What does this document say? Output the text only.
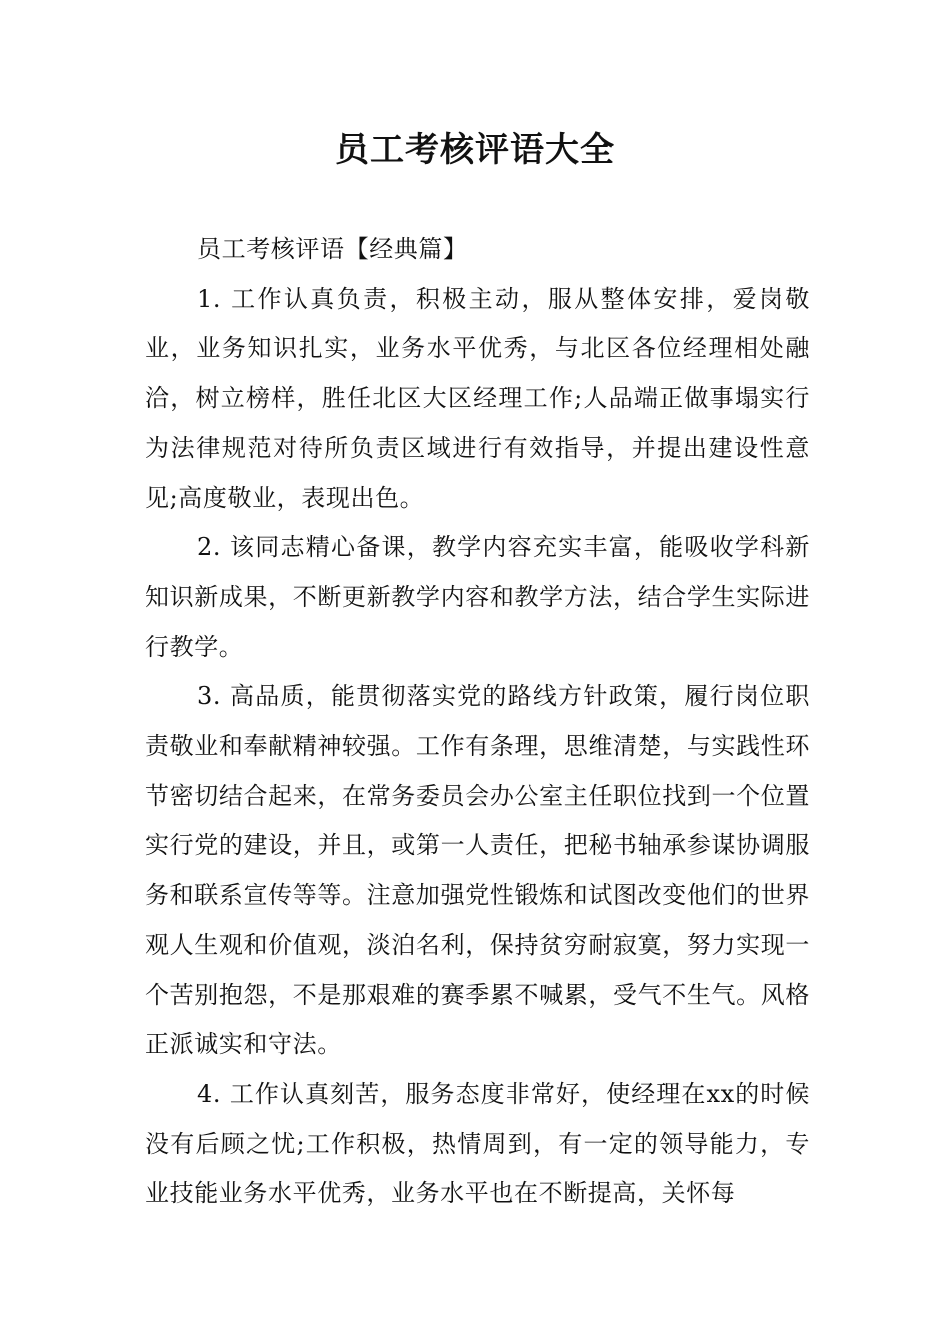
员工考核评语大全

员工考核评语【经典篇】

1. 工作认真负责，积极主动，服从整体安排，爱岗敬业，业务知识扎实，业务水平优秀，与北区各位经理相处融洽，树立榜样，胜任北区大区经理工作;人品端正做事塌实行为法律规范对待所负责区域进行有效指导，并提出建设性意见;高度敬业，表现出色。

2. 该同志精心备课，教学内容充实丰富，能吸收学科新知识新成果，不断更新教学内容和教学方法，结合学生实际进行教学。

3. 高品质，能贯彻落实党的路线方针政策，履行岗位职责敬业和奉献精神较强。工作有条理，思维清楚，与实践性环节密切结合起来，在常务委员会办公室主任职位找到一个位置实行党的建设，并且，或第一人责任，把秘书轴承参谋协调服务和联系宣传等等。注意加强党性锻炼和试图改变他们的世界观人生观和价值观，淡泊名利，保持贫穷耐寂寞，努力实现一个苦别抱怨，不是那艰难的赛季累不喊累，受气不生气。风格正派诚实和守法。

4. 工作认真刻苦，服务态度非常好，使经理在xx的时候没有后顾之忧;工作积极，热情周到，有一定的领导能力，专业技能业务水平优秀，业务水平也在不断提高，关怀每
